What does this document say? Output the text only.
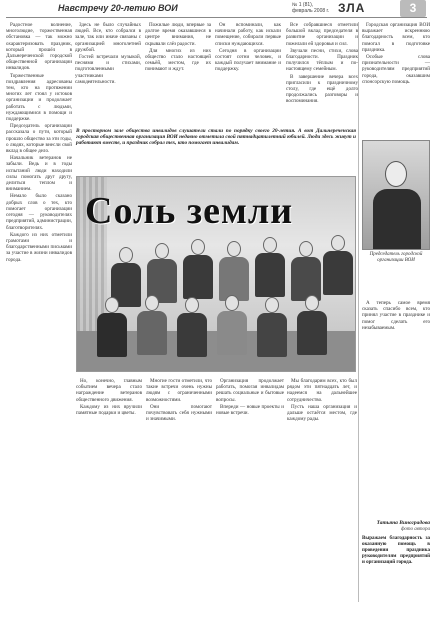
Навстречу 20-летию ВОИ	№ 1 (81), февраль 2008 г. ЗЛА	3

Радостное волнение, многолюдие, торжественная обстановка — так можно охарактеризовать праздник, который прошёл в Дальнереченской городской общественной организации инвалидов.

Торжественные поздравления адресованы тем, кто на протяжении многих лет стоял у истоков организации и продолжает работать с людьми, нуждающимися в помощи и поддержке.

Председатель организации рассказала о пути, который прошло общество за эти годы, о людях, которые внесли свой вклад в общее дело.

Начальник ветеранов не забыли. Ведь и в годы испытаний люди находили силы помогать друг другу, делиться теплом и вниманием.

Немало было сказано добрых слов о тех, кто помогает организации сегодня — руководителях предприятий, администрации, благотворителях.

Каждого из них отметили грамотами и благодарственными письмами за участие в жизни инвалидов города.

Здесь не было случайных людей. Все, кто собрался в зале, так или иначе связаны с организацией многолетней дружбой.

Гостей встречали музыкой, песнями и стихами, подготовленными участниками самодеятельности.

Пожилые люди, впервые за долгое время оказавшиеся в центре внимания, не скрывали слёз радости.

Для многих из них общество стало настоящей семьёй, местом, где их понимают и ждут.

Он вспоминали, как начинали работу, как искали помещение, собирали первые списки нуждающихся.

Сегодня в организации состоят сотни человек, и каждый получает внимание и поддержку.

В просторном зале общества инвалидов слушатели стали по порядку своего 20-летия. А вот Дальнереченская городская общественная организация ВОИ недавно отметила свой пятнадцатилетний юбилей. Люди здесь живут и работают вместе, и праздник собрал тех, кто помогает инвалидам.
Соль земли

Все собравшиеся отметили большой вклад председателя в развитие организации и пожелали ей здоровья и сил.

Звучали песни, стихи, слова благодарности. Праздник получился тёплым и по-настоящему семейным.

В завершение вечера всех пригласили к праздничному столу, где ещё долго продолжались разговоры и воспоминания.

Городская организация ВОИ выражает искреннюю благодарность всем, кто помогал в подготовке праздника.

Особые слова признательности — руководителям предприятий города, оказавшим спонсорскую помощь.

Председатель городской организации ВОИ

Но, конечно, главным событием вечера стало награждение ветеранов общественного движения.

Каждому из них вручили памятные подарки и цветы.

Многие гости отметили, что такие встречи очень нужны людям с ограниченными возможностями.

Они помогают почувствовать себя нужными и значимыми.

Организация продолжает работать, помогая инвалидам решать социальные и бытовые вопросы.

Впереди — новые проекты и новые встречи.

Мы благодарим всех, кто был рядом эти пятнадцать лет, и надеемся на дальнейшее сотрудничество.

Пусть наша организация и дальше остаётся местом, где каждому рады.

А теперь самое время сказать спасибо всем, кто принял участие в празднике и помог сделать его незабываемым.

Татьяна Виноградова
фото автора
Выражаем благодарность за оказанную помощь в проведении праздника руководителям предприятий и организаций города.
